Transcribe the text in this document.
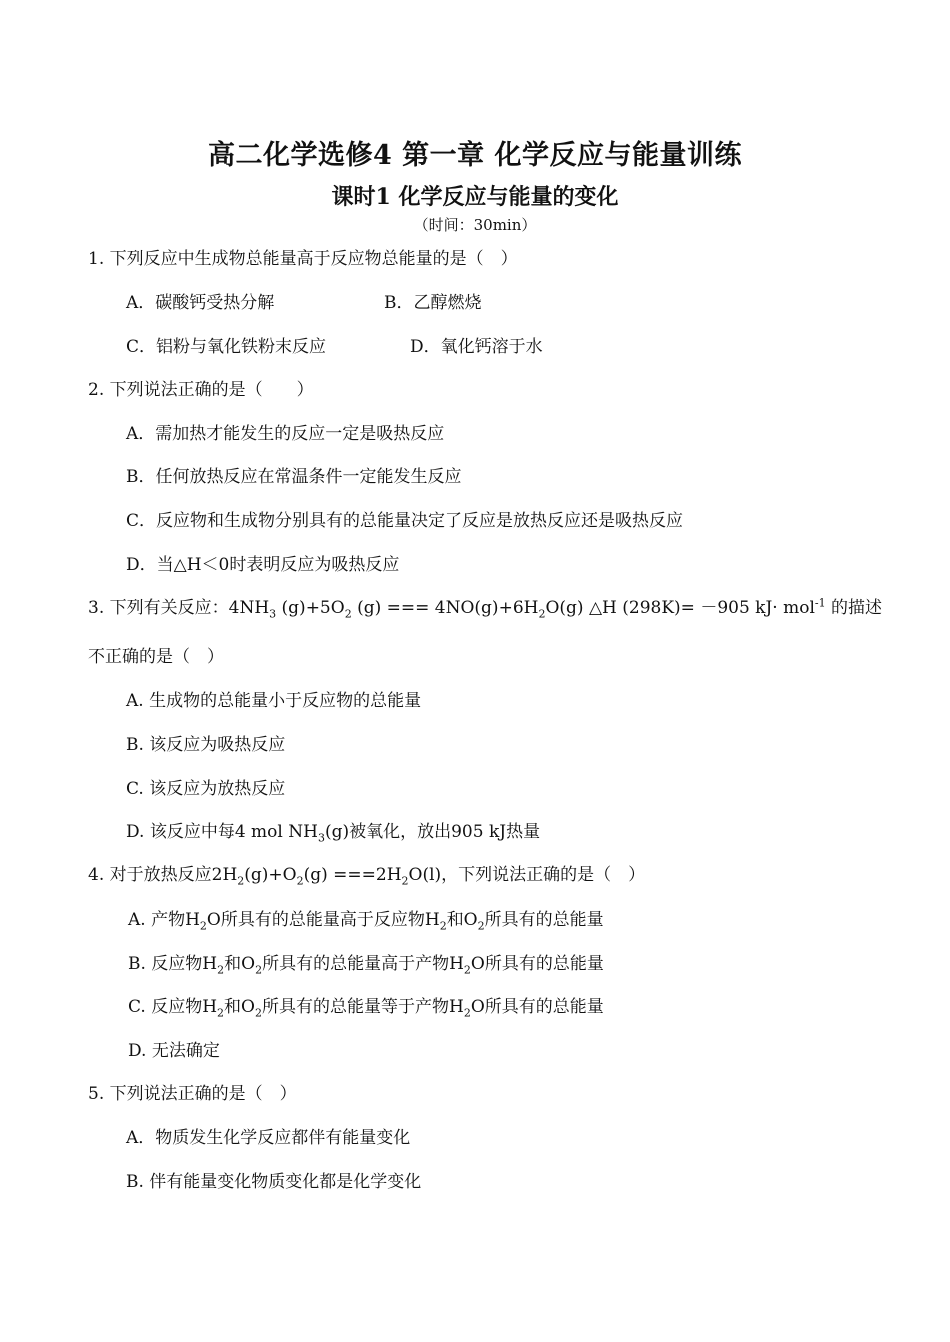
高二化学选修4 第一章 化学反应与能量训练
课时1 化学反应与能量的变化
（时间：30min）
1. 下列反应中生成物总能量高于反应物总能量的是（　）
A．碳酸钙受热分解	B．乙醇燃烧
C．铝粉与氧化铁粉末反应	D．氧化钙溶于水
2. 下列说法正确的是（　　）
A．需加热才能发生的反应一定是吸热反应
B．任何放热反应在常温条件一定能发生反应
C．反应物和生成物分别具有的总能量决定了反应是放热反应还是吸热反应
D．当△H＜0时表明反应为吸热反应
3. 下列有关反应：$4NH_3$ $(g)+5O_2$ (g) === $4NO(g)+6H_2O(g)$ △H (298K)= －905 kJ· mol$^{-1}$ 的描述
不正确的是（　）
A. 生成物的总能量小于反应物的总能量
B. 该反应为吸热反应
C. 该反应为放热反应
D. 该反应中每4 mol $NH_3(g)$被氧化，放出905 kJ热量
4. 对于放热反应$2H_2(g)+O_2(g) ===2H_2O(l)$，下列说法正确的是（　）
A. 产物$H_2O$所具有的总能量高于反应物$H_2$和$O_2$所具有的总能量
B. 反应物$H_2$和$O_2$所具有的总能量高于产物$H_2O$所具有的总能量
C. 反应物$H_2$和$O_2$所具有的总能量等于产物$H_2O$所具有的总能量
D. 无法确定
5. 下列说法正确的是（　）
A．物质发生化学反应都伴有能量变化
B. 伴有能量变化物质变化都是化学变化
